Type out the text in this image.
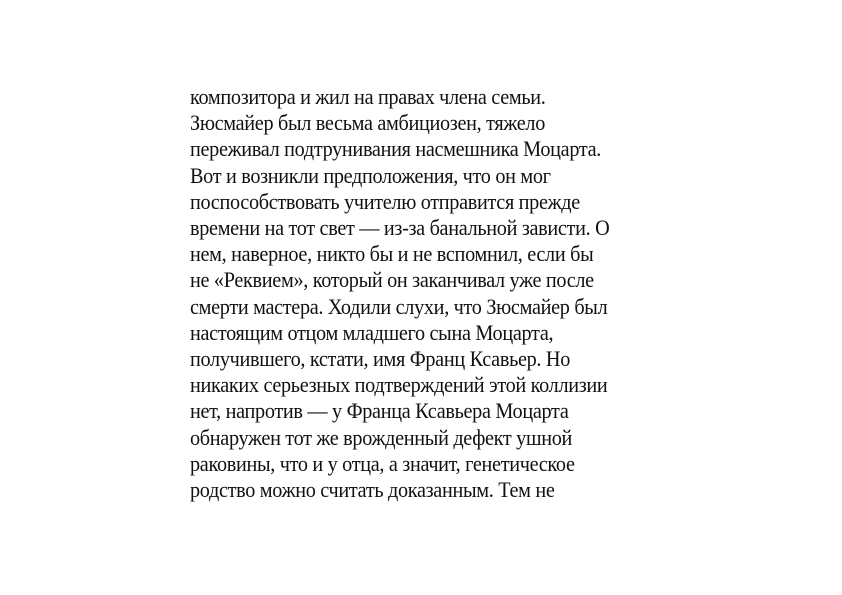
композитора и жил на правах члена семьи.
Зюсмайер был весьма амбициозен, тяжело
переживал подтрунивания насмешника Моцарта.
Вот и возникли предположения, что он мог
поспособствовать учителю отправится прежде
времени на тот свет — из-за банальной зависти. О
нем, наверное, никто бы и не вспомнил, если бы
не «Реквием», который он заканчивал уже после
смерти мастера. Ходили слухи, что Зюсмайер был
настоящим отцом младшего сына Моцарта,
получившего, кстати, имя Франц Ксавьер. Но
никаких серьезных подтверждений этой коллизии
нет, напротив — у Франца Ксавьера Моцарта
обнаружен тот же врожденный дефект ушной
раковины, что и у отца, а значит, генетическое
родство можно считать доказанным. Тем не
